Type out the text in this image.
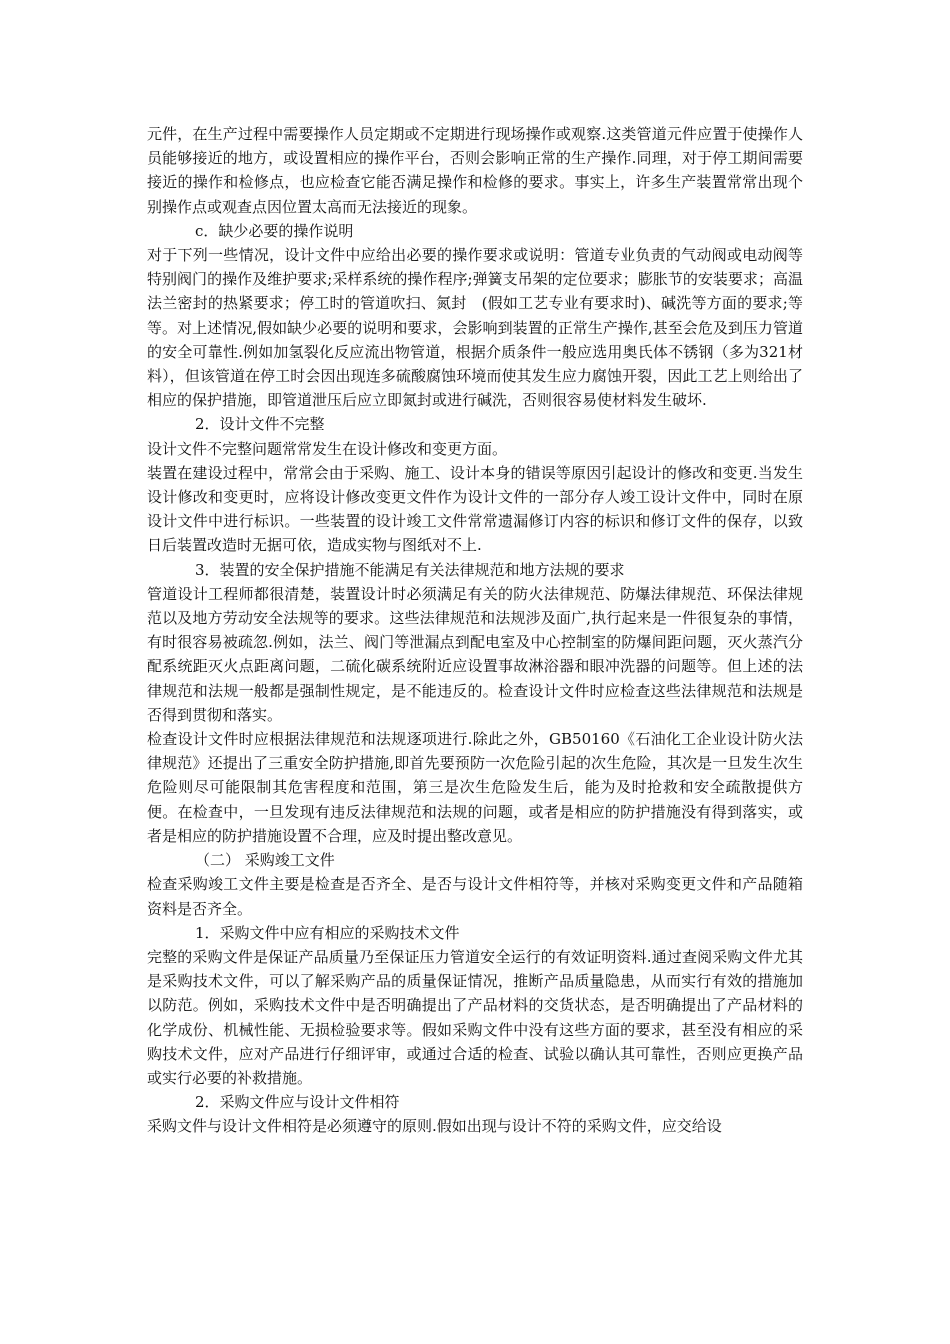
元件，在生产过程中需要操作人员定期或不定期进行现场操作或观察.这类管道元件应置于使操作人员能够接近的地方，或设置相应的操作平台，否则会影响正常的生产操作.同理，对于停工期间需要接近的操作和检修点，也应检查它能否满足操作和检修的要求。事实上，许多生产装置常常出现个别操作点或观查点因位置太高而无法接近的现象。

c．缺少必要的操作说明

对于下列一些情况，设计文件中应给出必要的操作要求或说明：管道专业负责的气动阀或电动阀等特别阀门的操作及维护要求;采样系统的操作程序;弹簧支吊架的定位要求；膨胀节的安装要求；高温法兰密封的热紧要求；停工时的管道吹扫、氮封　(假如工艺专业有要求时)、碱洗等方面的要求;等等。对上述情况,假如缺少必要的说明和要求，会影响到装置的正常生产操作,甚至会危及到压力管道的安全可靠性.例如加氢裂化反应流出物管道，根据介质条件一般应选用奥氏体不锈钢（多为321材料），但该管道在停工时会因出现连多硫酸腐蚀环境而使其发生应力腐蚀开裂，因此工艺上则给出了相应的保护措施，即管道泄压后应立即氮封或进行碱洗，否则很容易使材料发生破坏.

2．设计文件不完整

设计文件不完整问题常常发生在设计修改和变更方面。

装置在建设过程中，常常会由于采购、施工、设计本身的错误等原因引起设计的修改和变更.当发生设计修改和变更时，应将设计修改变更文件作为设计文件的一部分存人竣工设计文件中，同时在原设计文件中进行标识。一些装置的设计竣工文件常常遗漏修订内容的标识和修订文件的保存，以致日后装置改造时无据可依，造成实物与图纸对不上.

3．装置的安全保护措施不能满足有关法律规范和地方法规的要求

管道设计工程师都很清楚，装置设计时必须满足有关的防火法律规范、防爆法律规范、环保法律规范以及地方劳动安全法规等的要求。这些法律规范和法规涉及面广,执行起来是一件很复杂的事情，有时很容易被疏忽.例如，法兰、阀门等泄漏点到配电室及中心控制室的防爆间距问题，灭火蒸汽分配系统距灭火点距离问题，二硫化碳系统附近应设置事故淋浴器和眼冲洗器的问题等。但上述的法律规范和法规一般都是强制性规定，是不能违反的。检查设计文件时应检查这些法律规范和法规是否得到贯彻和落实。

检查设计文件时应根据法律规范和法规逐项进行.除此之外，GB50160《石油化工企业设计防火法律规范》还提出了三重安全防护措施,即首先要预防一次危险引起的次生危险，其次是一旦发生次生危险则尽可能限制其危害程度和范围，第三是次生危险发生后，能为及时抢救和安全疏散提供方便。在检查中，一旦发现有违反法律规范和法规的问题，或者是相应的防护措施没有得到落实，或者是相应的防护措施设置不合理，应及时提出整改意见。

（二） 采购竣工文件

检查采购竣工文件主要是检查是否齐全、是否与设计文件相符等，并核对采购变更文件和产品随箱资料是否齐全。

1．采购文件中应有相应的采购技术文件

完整的采购文件是保证产品质量乃至保证压力管道安全运行的有效证明资料.通过查阅采购文件尤其是采购技术文件，可以了解采购产品的质量保证情况，推断产品质量隐患，从而实行有效的措施加以防范。例如，采购技术文件中是否明确提出了产品材料的交货状态，是否明确提出了产品材料的化学成份、机械性能、无损检验要求等。假如采购文件中没有这些方面的要求，甚至没有相应的采购技术文件，应对产品进行仔细评审，或通过合适的检查、试验以确认其可靠性，否则应更换产品或实行必要的补救措施。

2．采购文件应与设计文件相符

采购文件与设计文件相符是必须遵守的原则.假如出现与设计不符的采购文件，应交给设
